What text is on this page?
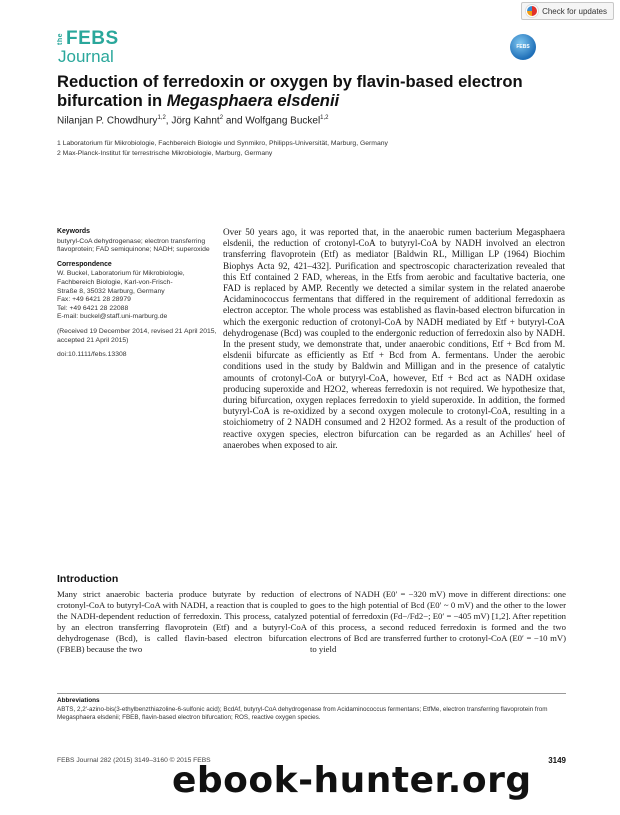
Check for updates
the FEBS
Journal	FEBS
Reduction of ferredoxin or oxygen by flavin-based electron
bifurcation in Megasphaera elsdenii
Nilanjan P. Chowdhury$^{1,2}$, Jörg Kahnt$^2$ and Wolfgang Buckel$^{1,2}$
1 Laboratorium für Mikrobiologie, Fachbereich Biologie und Synmikro, Philipps-Universität, Marburg, Germany
2 Max-Planck-Institut für terrestrische Mikrobiologie, Marburg, Germany
Keywords

butyryl-CoA dehydrogenase; electron transferring flavoprotein; FAD semiquinone; NADH; superoxide

Correspondence

W. Buckel, Laboratorium für Mikrobiologie,

Fachbereich Biologie, Karl-von-Frisch-

Straße 8, 35032 Marburg, Germany

Fax: +49 6421 28 28979

Tel: +49 6421 28 22088

E-mail: buckel@staff.uni-marburg.de

(Received 19 December 2014, revised 21 April 2015, accepted 21 April 2015)

doi:10.1111/febs.13308

Over 50 years ago, it was reported that, in the anaerobic rumen bacterium Megasphaera elsdenii, the reduction of crotonyl-CoA to butyryl-CoA by NADH involved an electron transferring flavoprotein (Etf) as mediator [Baldwin RL, Milligan LP (1964) Biochim Biophys Acta 92, 421–432]. Purification and spectroscopic characterization revealed that this Etf contained 2 FAD, whereas, in the Etfs from aerobic and facultative bacteria, one FAD is replaced by AMP. Recently we detected a similar system in the related anaerobe Acidaminococcus fermentans that differed in the requirement of additional ferredoxin as electron acceptor. The whole process was established as flavin-based electron bifurcation in which the exergonic reduction of crotonyl-CoA by NADH mediated by Etf + butyryl-CoA dehydrogenase (Bcd) was coupled to the endergonic reduction of ferredoxin also by NADH. In the present study, we demonstrate that, under anaerobic conditions, Etf + Bcd from M. elsdenii bifurcate as efficiently as Etf + Bcd from A. fermentans. Under the aerobic conditions used in the study by Baldwin and Milligan and in the presence of catalytic amounts of crotonyl-CoA or butyryl-CoA, however, Etf + Bcd act as NADH oxidase producing superoxide and H2O2, whereas ferredoxin is not required. We hypothesize that, during bifurcation, oxygen replaces ferredoxin to yield superoxide. In addition, the formed butyryl-CoA is re-oxidized by a second oxygen molecule to crotonyl-CoA, resulting in a stoichiometry of 2 NADH consumed and 2 H2O2 formed. As a result of the production of reactive oxygen species, electron bifurcation can be regarded as an Achilles' heel of anaerobes when exposed to air.

Introduction

Many strict anaerobic bacteria produce butyrate by reduction of crotonyl-CoA to butyryl-CoA with NADH, a reaction that is coupled to the NADH-dependent reduction of ferredoxin. This process, catalyzed by an electron transferring flavoprotein (Etf) and a butyryl-CoA dehydrogenase (Bcd), is called flavin-based electron bifurcation (FBEB) because the two

electrons of NADH (E0′ = −320 mV) move in different directions: one goes to the high potential of Bcd (E0′ ~ 0 mV) and the other to the lower potential of ferredoxin (Fd−/Fd2−; E0′ = −405 mV) [1,2]. After repetition of this process, a second reduced ferredoxin is formed and the two electrons of Bcd are transferred further to crotonyl-CoA (E0′ = −10 mV) to yield

Abbreviations

ABTS, 2,2′-azino-bis(3-ethylbenzthiazoline-6-sulfonic acid); BcdAf, butyryl-CoA dehydrogenase from Acidaminococcus fermentans; EtfMe, electron transferring flavoprotein from Megasphaera elsdenii; FBEB, flavin-based electron bifurcation; ROS, reactive oxygen species.

FEBS Journal 282 (2015) 3149–3160 © 2015 FEBS	3149
ebook-hunter.org
